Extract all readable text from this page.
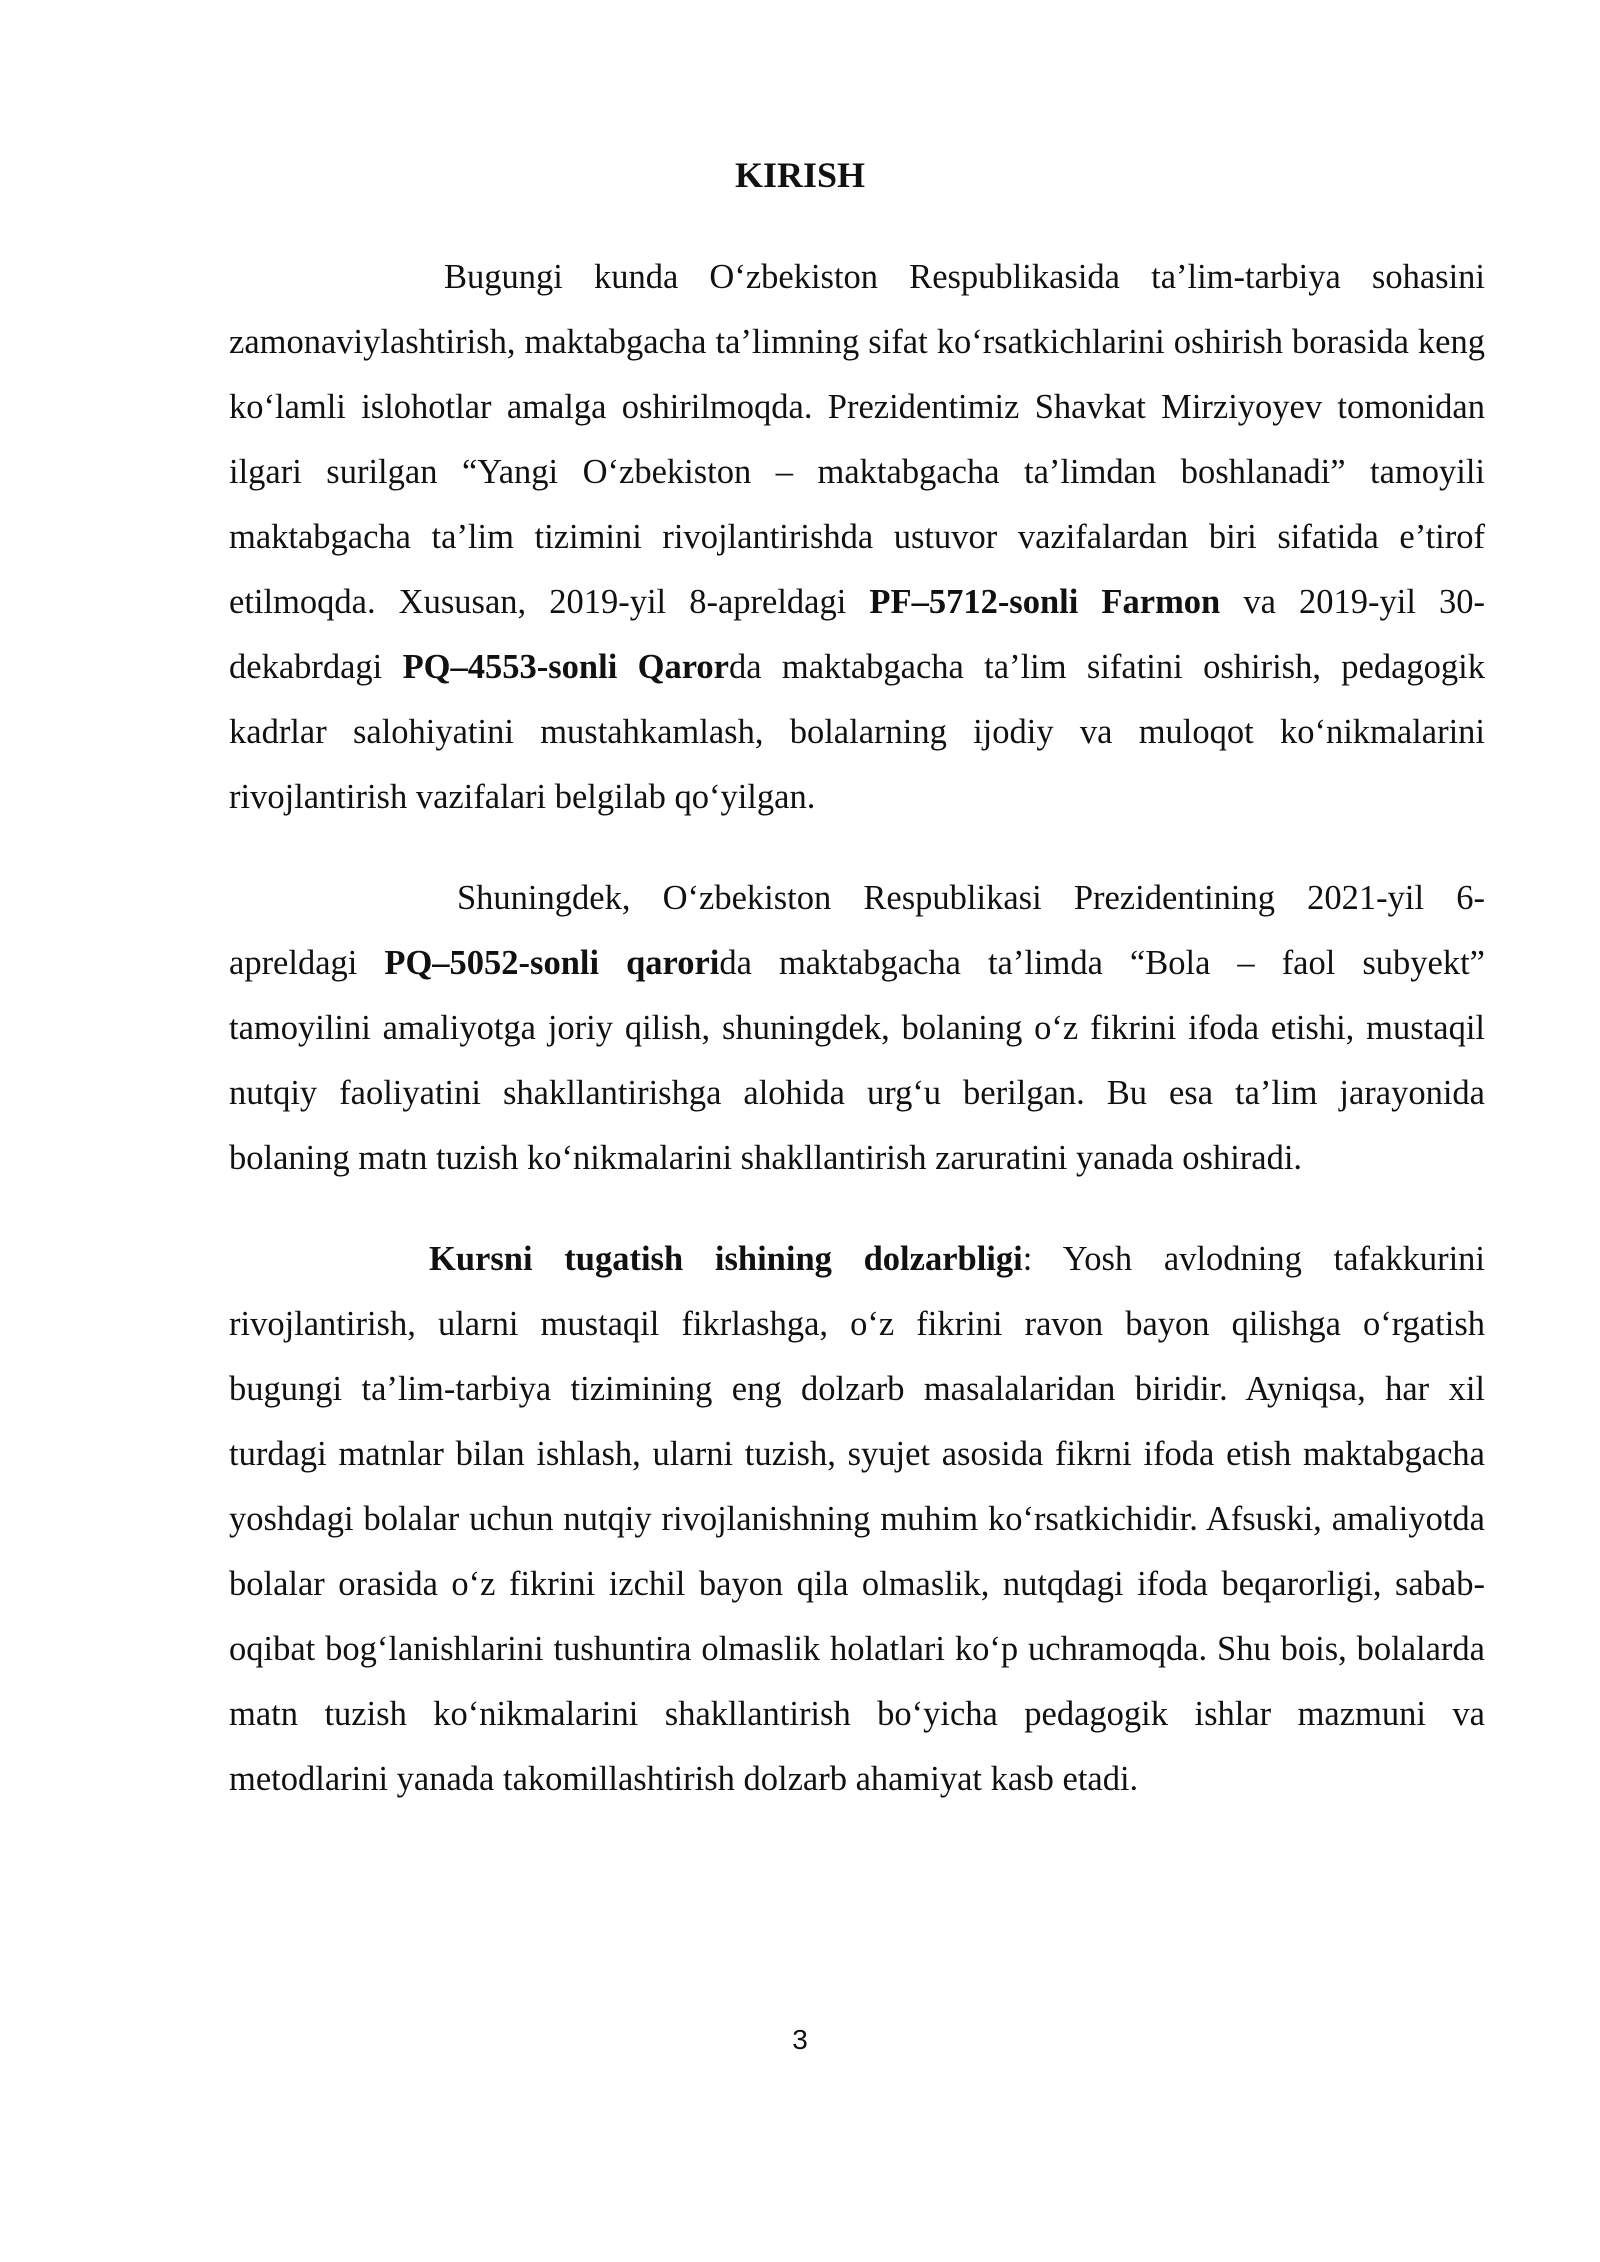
KIRISH

Bugungi kunda O‘zbekiston Respublikasida ta’lim-tarbiya sohasini zamonaviylashtirish, maktabgacha ta’limning sifat ko‘rsatkichlarini oshirish borasida keng ko‘lamli islohotlar amalga oshirilmoqda. Prezidentimiz Shavkat Mirziyoyev tomonidan ilgari surilgan “Yangi O‘zbekiston – maktabgacha ta’limdan boshlanadi” tamoyili maktabgacha ta’lim tizimini rivojlantirishda ustuvor vazifalardan biri sifatida e’tirof etilmoqda. Xususan, 2019-yil 8-apreldagi PF–5712-sonli Farmon va 2019-yil 30-dekabrdagi PQ–4553-sonli Qarorda maktabgacha ta’lim sifatini oshirish, pedagogik kadrlar salohiyatini mustahkamlash, bolalarning ijodiy va muloqot ko‘nikmalarini rivojlantirish vazifalari belgilab qo‘yilgan.

Shuningdek, O‘zbekiston Respublikasi Prezidentining 2021-yil 6-apreldagi PQ–5052-sonli qarorida maktabgacha ta’limda “Bola – faol subyekt” tamoyilini amaliyotga joriy qilish, shuningdek, bolaning o‘z fikrini ifoda etishi, mustaqil nutqiy faoliyatini shakllantirishga alohida urg‘u berilgan. Bu esa ta’lim jarayonida bolaning matn tuzish ko‘nikmalarini shakllantirish zaruratini yanada oshiradi.

Kursni tugatish ishining dolzarbligi: Yosh avlodning tafakkurini rivojlantirish, ularni mustaqil fikrlashga, o‘z fikrini ravon bayon qilishga o‘rgatish bugungi ta’lim-tarbiya tizimining eng dolzarb masalalaridan biridir. Ayniqsa, har xil turdagi matnlar bilan ishlash, ularni tuzish, syujet asosida fikrni ifoda etish maktabgacha yoshdagi bolalar uchun nutqiy rivojlanishning muhim ko‘rsatkichidir. Afsuski, amaliyotda bolalar orasida o‘z fikrini izchil bayon qila olmaslik, nutqdagi ifoda beqarorligi, sabab-oqibat bog‘lanishlarini tushuntira olmaslik holatlari ko‘p uchramoqda. Shu bois, bolalarda matn tuzish ko‘nikmalarini shakllantirish bo‘yicha pedagogik ishlar mazmuni va metodlarini yanada takomillashtirish dolzarb ahamiyat kasb etadi.

3
